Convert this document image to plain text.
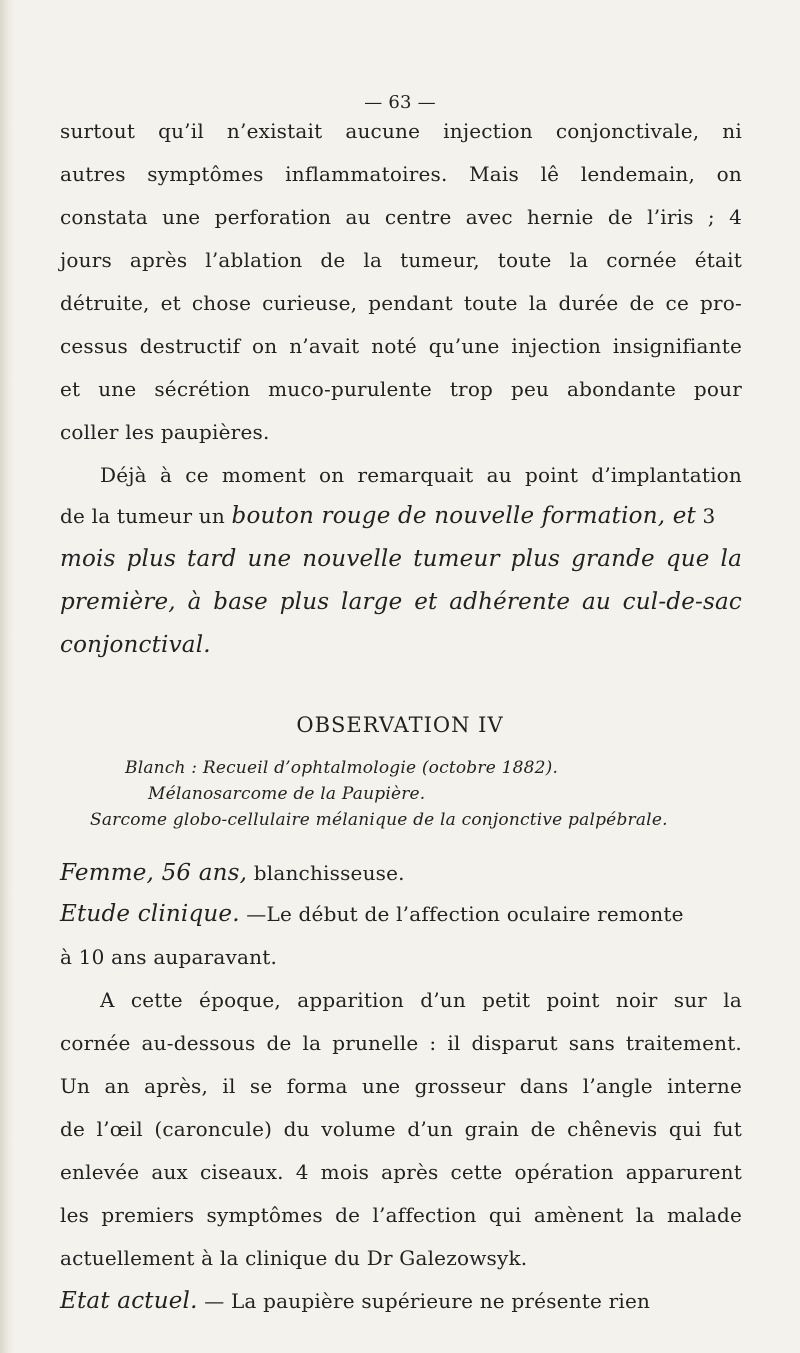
— 63 —
surtout qu’il n’existait aucune injection conjonctivale, ni
autres symptômes inflammatoires. Mais lê lendemain, on
constata une perforation au centre avec hernie de l’iris ; 4
jours après l’ablation de la tumeur, toute la cornée était
détruite, et chose curieuse, pendant toute la durée de ce pro-
cessus destructif on n’avait noté qu’une injection insignifiante
et une sécrétion muco-purulente trop peu abondante pour
coller les paupières.
Déjà à ce moment on remarquait au point d’implantation
de la tumeur un bouton rouge de nouvelle formation, et 3
mois plus tard une nouvelle tumeur plus grande que la
première, à base plus large et adhérente au cul-de-sac
conjonctival.
OBSERVATION IV
Blanch : Recueil d’ophtalmologie (octobre 1882).
Mélanosarcome de la Paupière.
Sarcome globo-cellulaire mélanique de la conjonctive palpébrale.
Femme, 56 ans, blanchisseuse.
Etude clinique. —Le début de l’affection oculaire remonte
à 10 ans auparavant.
A cette époque, apparition d’un petit point noir sur la
cornée au-dessous de la prunelle : il disparut sans traitement.
Un an après, il se forma une grosseur dans l’angle interne
de l’œil (caroncule) du volume d’un grain de chênevis qui fut
enlevée aux ciseaux. 4 mois après cette opération apparurent
les premiers symptômes de l’affection qui amènent la malade
actuellement à la clinique du Dr Galezowsyk.
Etat actuel. — La paupière supérieure ne présente rien
